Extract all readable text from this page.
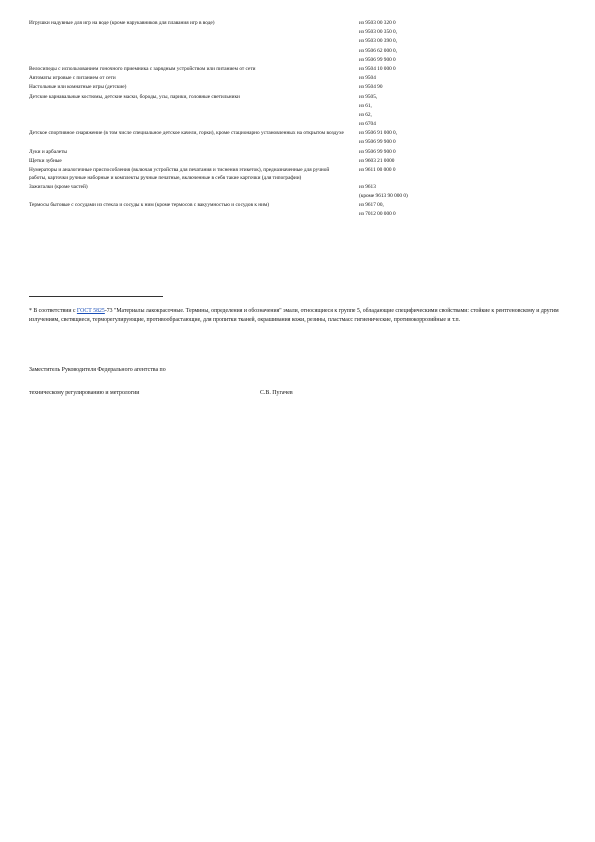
Игрушки надувные для игр на воде (кроме нарукавников для плавания игр в воде)	из 9503 00 320 0
из 9503 00 350 0,
из 9503 00 390 0,
из 9506 62 000 0,
из 9506 99 900 0

Велосипеды с использованием гоночного приемника с зарядным устройством или питанием от сети	из 9504 10 000 0

Автоматы игровые с питанием от сети	из 9504

Настольные или комнатные игры (детские)	из 9504 90

Детские карнавальные костюмы, детские маски, бороды, усы, парики, головные светильники	из 9505,
из 61,
из 62,
из 6704

Детское спортивное снаряжение (в том числе специальное детское качели, горки), кроме стационарно установленных на открытом воздухе	из 9506 91 000 0,
из 9506 99 900 0

Луки и арбалеты	из 9506 99 900 0

Щетки зубные	из 9603 21 0000

Нумераторы и аналогичные приспособления (включая устройства для печатания и тиснения этикеток), предназначенные для ручной работы, карточки ручные наборные и комплекты ручные печатные, включенные в себя такие карточки (для типографии)	из 9611 00 000 0

Зажигалки (кроме частей)	из 9613
(кроме 9613 90 000 0)

Термосы бытовые с сосудами из стекла и сосуды к ним (кроме термосов с вакуумностью и сосудов к ним)	из 9617 00,
из 7012 00 000 0
* В соответствии с ГОСТ 5825-73 "Материалы лакокрасочные. Термины, определения и обозначения" эмали, относящиеся к группе 5, обладающие специфическими свойствами: стойкие к рентгеновскому и другим излучениям, светящиеся, терморегулирующие, противообрастающие, для пропитки тканей, окрашивания кожи, резины, пластмасс гигиенические, противокоррозийные и т.п.
Заместитель Руководителя Федерального агентства по
техническому регулированию и метрологии	С.В. Пугачев
